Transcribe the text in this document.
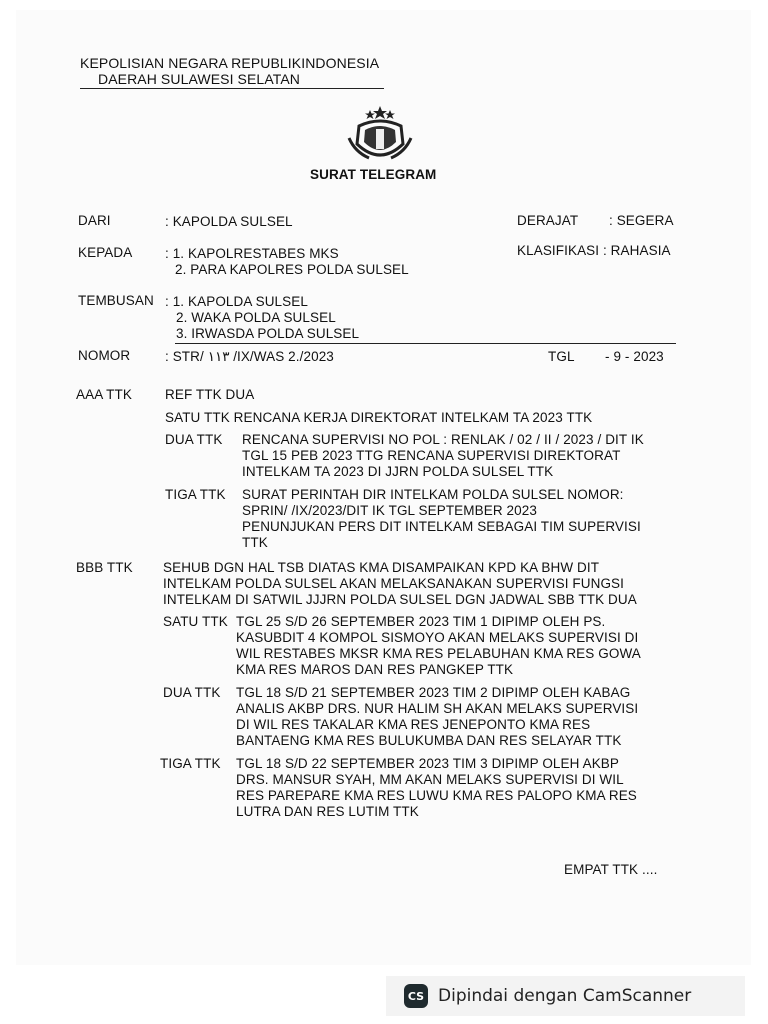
KEPOLISIAN NEGARA REPUBLIKINDONESIA
DAERAH SULAWESI SELATAN
SURAT TELEGRAM
DARI	: KAPOLDA SULSEL	DERAJAT : SEGERA
KEPADA : 1. KAPOLRESTABES MKS
2. PARA KAPOLRES POLDA SULSEL
KLASIFIKASI : RAHASIA
TEMBUSAN : 1. KAPOLDA SULSEL
2. WAKA POLDA SULSEL
3. IRWASDA POLDA SULSEL
NOMOR	: STR/ ١١٣ /IX/WAS 2./2023	TGL - 9 - 2023
AAA TTK REF TTK DUA
SATU TTK RENCANA KERJA DIREKTORAT INTELKAM TA 2023 TTK
DUA TTK RENCANA SUPERVISI NO POL : RENLAK / 02 / II / 2023 / DIT IK
TGL 15 PEB 2023 TTG RENCANA SUPERVISI DIREKTORAT
INTELKAM TA 2023 DI JJRN POLDA SULSEL TTK
TIGA TTK SURAT PERINTAH DIR INTELKAM POLDA SULSEL NOMOR:
SPRIN/ /IX/2023/DIT IK TGL SEPTEMBER 2023
PENUNJUKAN PERS DIT INTELKAM SEBAGAI TIM SUPERVISI
TTK
BBB TTK SEHUB DGN HAL TSB DIATAS KMA DISAMPAIKAN KPD KA BHW DIT
INTELKAM POLDA SULSEL AKAN MELAKSANAKAN SUPERVISI FUNGSI
INTELKAM DI SATWIL JJJRN POLDA SULSEL DGN JADWAL SBB TTK DUA
SATU TTK TGL 25 S/D 26 SEPTEMBER 2023 TIM 1 DIPIMP OLEH PS.
KASUBDIT 4 KOMPOL SISMOYO AKAN MELAKS SUPERVISI DI
WIL RESTABES MKSR KMA RES PELABUHAN KMA RES GOWA
KMA RES MAROS DAN RES PANGKEP TTK
DUA TTK TGL 18 S/D 21 SEPTEMBER 2023 TIM 2 DIPIMP OLEH KABAG
ANALIS AKBP DRS. NUR HALIM SH AKAN MELAKS SUPERVISI
DI WIL RES TAKALAR KMA RES JENEPONTO KMA RES
BANTAENG KMA RES BULUKUMBA DAN RES SELAYAR TTK
TIGA TTK TGL 18 S/D 22 SEPTEMBER 2023 TIM 3 DIPIMP OLEH AKBP
DRS. MANSUR SYAH, MM AKAN MELAKS SUPERVISI DI WIL
RES PAREPARE KMA RES LUWU KMA RES PALOPO KMA RES
LUTRA DAN RES LUTIM TTK
EMPAT TTK ....
CS Dipindai dengan CamScanner
